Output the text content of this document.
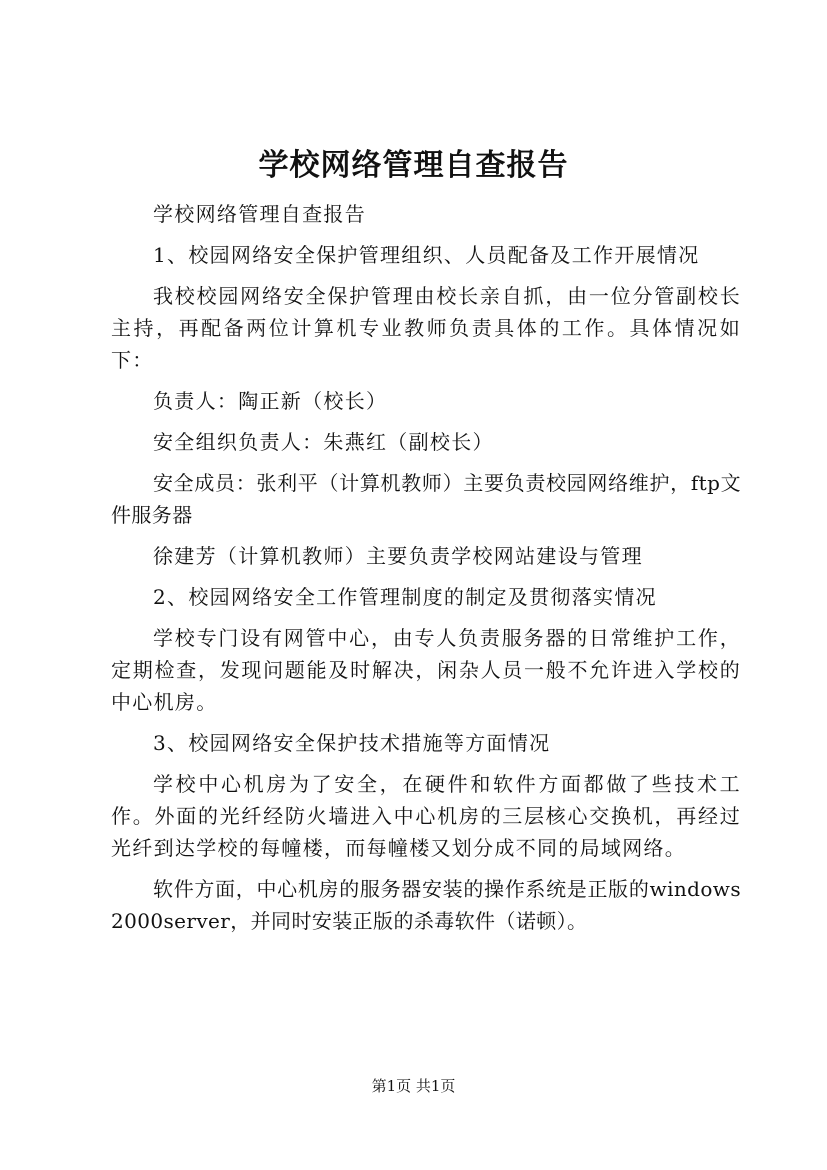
学校网络管理自查报告

学校网络管理自查报告

1、校园网络安全保护管理组织、人员配备及工作开展情况

我校校园网络安全保护管理由校长亲自抓，由一位分管副校长主持，再配备两位计算机专业教师负责具体的工作。具体情况如下：

负责人：陶正新（校长）

安全组织负责人：朱燕红（副校长）

安全成员：张利平（计算机教师）主要负责校园网络维护，ftp文件服务器

徐建芳（计算机教师）主要负责学校网站建设与管理

2、校园网络安全工作管理制度的制定及贯彻落实情况

学校专门设有网管中心，由专人负责服务器的日常维护工作，定期检查，发现问题能及时解决，闲杂人员一般不允许进入学校的中心机房。

3、校园网络安全保护技术措施等方面情况

学校中心机房为了安全，在硬件和软件方面都做了些技术工作。外面的光纤经防火墙进入中心机房的三层核心交换机，再经过光纤到达学校的每幢楼，而每幢楼又划分成不同的局域网络。

软件方面，中心机房的服务器安装的操作系统是正版的windows2000server，并同时安装正版的杀毒软件（诺顿）。

第1页 共1页
